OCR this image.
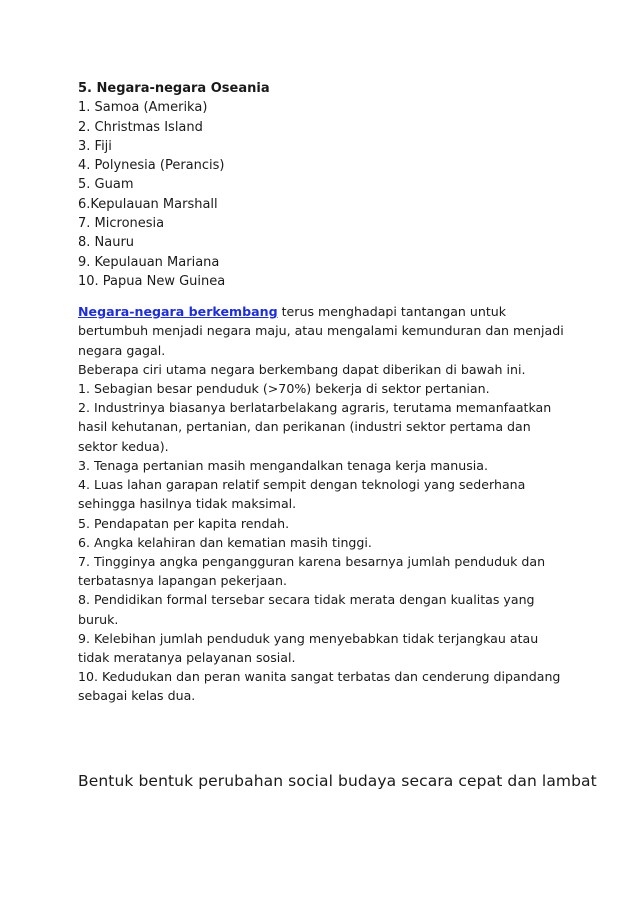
5. Negara-negara Oseania

1. Samoa (Amerika)
2. Christmas Island
3. Fiji
4. Polynesia (Perancis)
5. Guam
6.Kepulauan Marshall
7. Micronesia
8. Nauru
9. Kepulauan Mariana
10. Papua New Guinea

Negara-negara berkembang terus menghadapi tantangan untuk bertumbuh menjadi negara maju, atau mengalami kemunduran dan menjadi negara gagal.
Beberapa ciri utama negara berkembang dapat diberikan di bawah ini.
1. Sebagian besar penduduk (>70%) bekerja di sektor pertanian.
2. Industrinya biasanya berlatarbelakang agraris, terutama memanfaatkan hasil kehutanan, pertanian, dan perikanan (industri sektor pertama dan sektor kedua).
3. Tenaga pertanian masih mengandalkan tenaga kerja manusia.
4. Luas lahan garapan relatif sempit dengan teknologi yang sederhana sehingga hasilnya tidak maksimal.
5. Pendapatan per kapita rendah.
6. Angka kelahiran dan kematian masih tinggi.
7. Tingginya angka pengangguran karena besarnya jumlah penduduk dan terbatasnya lapangan pekerjaan.
8. Pendidikan formal tersebar secara tidak merata dengan kualitas yang buruk.
9. Kelebihan jumlah penduduk yang menyebabkan tidak terjangkau atau tidak meratanya pelayanan sosial.
10. Kedudukan dan peran wanita sangat terbatas dan cenderung dipandang sebagai kelas dua.

Bentuk bentuk perubahan social budaya secara cepat dan lambat
